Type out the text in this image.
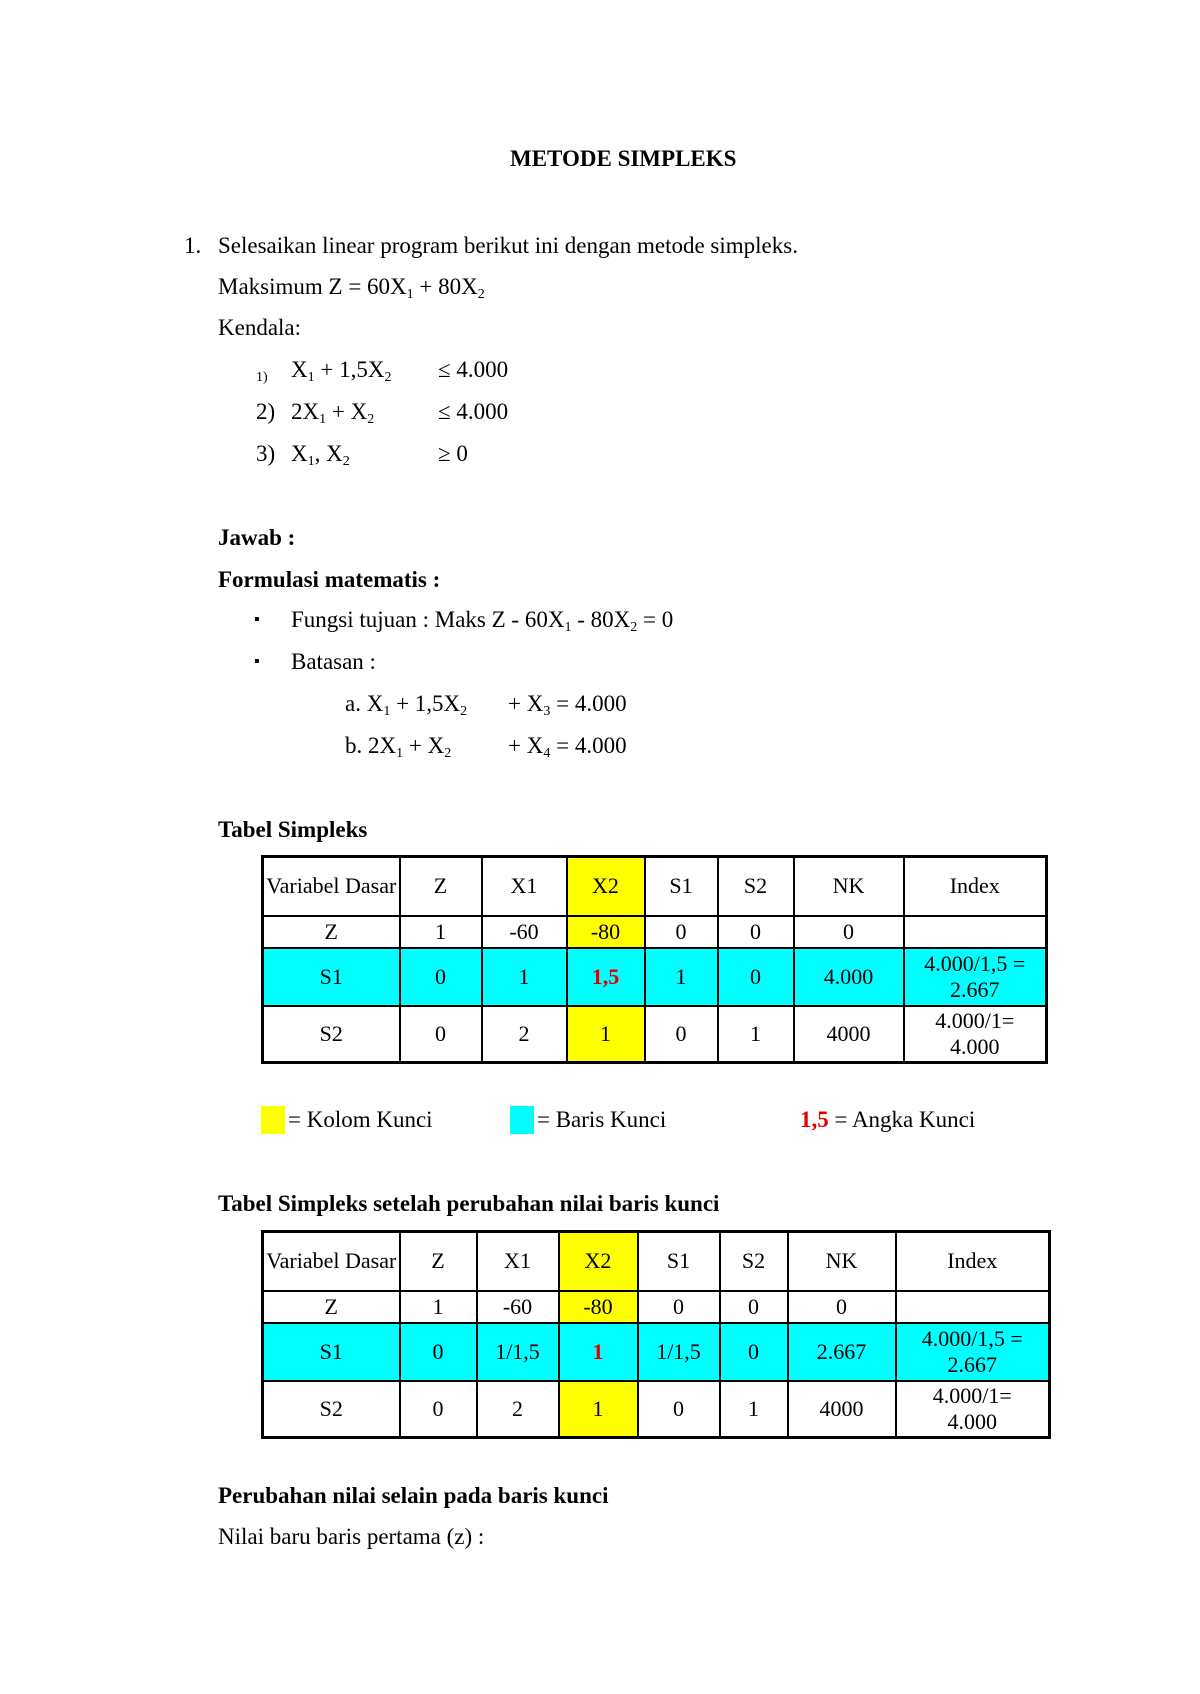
METODE SIMPLEKS
1. Selesaikan linear program berikut ini dengan metode simpleks.
Maksimum $Z = 60X_1 + 80X_2$
Kendala:
1) $X_1 + 1,5X_2 \le 4.000$
2) $2X_1 + X_2$	≤ 4.000
3) $X_1$, $X_2$	≥ 0
Jawab :
Formulasi matematis :
▪ Fungsi tujuan : Maks $Z - 60X_1 - 80X_2 = 0$
▪ Batasan :
a. $X_1 + 1,5X_2 + X_3 = 4.000$
b. $2X_1 + X_2 + X_4 = 4.000$
Tabel Simpleks
Variabel Dasar	Z	X1	X2	S1	S2	NK	Index
Z	1	-60	-80	0	0	0	
S1	0	1	1,5	1	0	4.000	4.000/1,5 = 2.667
S2	0	2	1	0	1	4000	4.000/1= 4.000
= Kolom Kunci	= Baris Kunci	1,5 = Angka Kunci
Tabel Simpleks setelah perubahan nilai baris kunci
Variabel Dasar	Z	X1	X2	S1	S2	NK	Index
Z	1	-60	-80	0	0	0	
S1	0	1/1,5	1	1/1,5	0	2.667	4.000/1,5 = 2.667
S2	0	2	1	0	1	4000	4.000/1= 4.000
Perubahan nilai selain pada baris kunci
Nilai baru baris pertama (z) :
